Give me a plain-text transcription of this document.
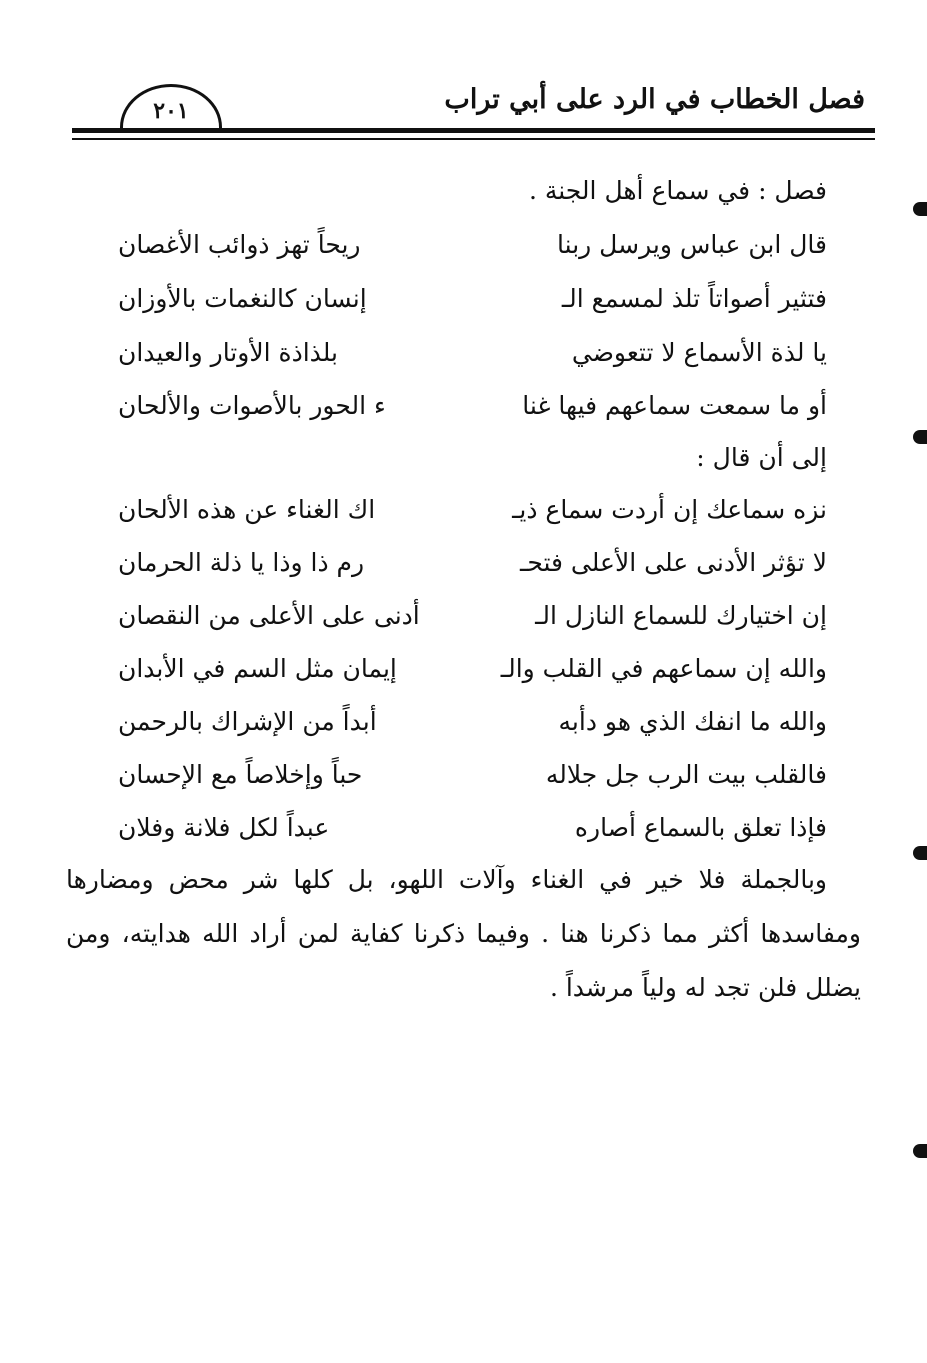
فصل الخطاب في الرد على أبي تراب
٢٠١
فصل : في سماع أهل الجنة .
قال ابن عباس ويرسل ربنا
ريحاً تهز ذوائب الأغصان
فتثير أصواتاً تلذ لمسمع الـ
إنسان كالنغمات بالأوزان
يا لذة الأسماع لا تتعوضي
بلذاذة الأوتار والعيدان
أو ما سمعت سماعهم فيها غنا
ء الحور بالأصوات والألحان
إلى أن قال :
نزه سماعك إن أردت سماع ذيـ
اك الغناء عن هذه الألحان
لا تؤثر الأدنى على الأعلى فتحـ
رم ذا وذا يا ذلة الحرمان
إن اختيارك للسماع النازل الـ
أدنى على الأعلى من النقصان
والله إن سماعهم في القلب والـ
إيمان مثل السم في الأبدان
والله ما انفك الذي هو دأبه
أبداً من الإشراك بالرحمن
فالقلب بيت الرب جل جلاله
حباً وإخلاصاً مع الإحسان
فإذا تعلق بالسماع أصاره
عبداً لكل فلانة وفلان
وبالجملة فلا خير في الغناء وآلات اللهو، بل كلها شر محض ومضارها ومفاسدها أكثر مما ذكرنا هنا . وفيما ذكرنا كفاية لمن أراد الله هدايته، ومن يضلل فلن تجد له ولياً مرشداً .
